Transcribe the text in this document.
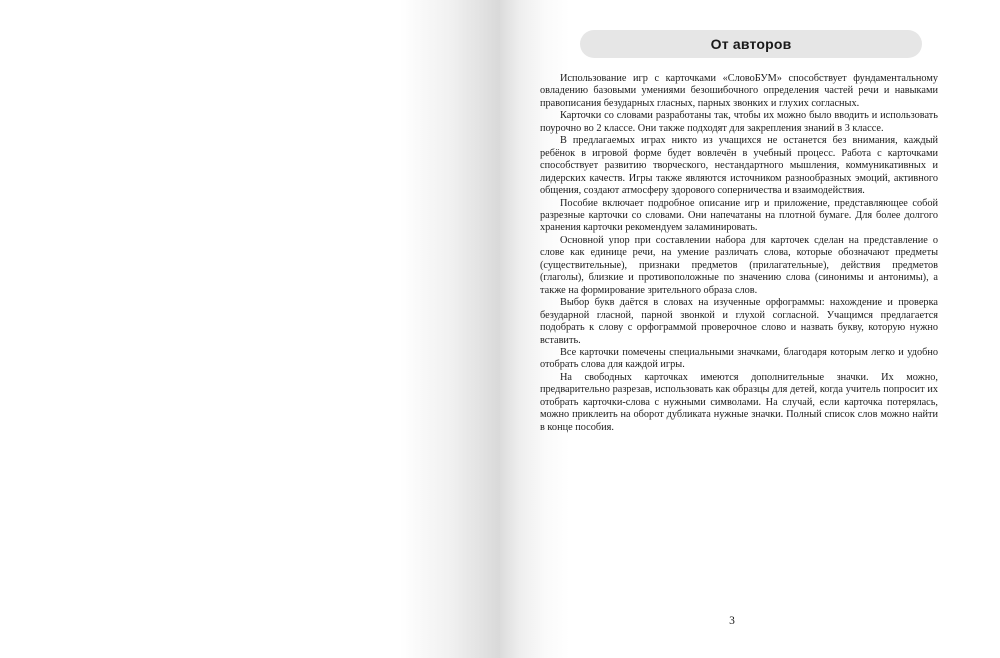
От авторов

Использование игр с карточками «СловоБУМ» способствует фундаментальному овладению базовыми умениями безошибочного определения частей речи и навыками правописания безударных гласных, парных звонких и глухих согласных.

Карточки со словами разработаны так, чтобы их можно было вводить и использовать поурочно во 2 классе. Они также подходят для закрепления знаний в 3 классе.

В предлагаемых играх никто из учащихся не останется без внимания, каждый ребёнок в игровой форме будет вовлечён в учебный процесс. Работа с карточками способствует развитию творческого, нестандартного мышления, коммуникативных и лидерских качеств. Игры также являются источником разнообразных эмоций, активного общения, создают атмосферу здорового соперничества и взаимодействия.

Пособие включает подробное описание игр и приложение, представляющее собой разрезные карточки со словами. Они напечатаны на плотной бумаге. Для более долгого хранения карточки рекомендуем заламинировать.

Основной упор при составлении набора для карточек сделан на представление о слове как единице речи, на умение различать слова, которые обозначают предметы (существительные), признаки предметов (прилагательные), действия предметов (глаголы), близкие и противоположные по значению слова (синонимы и антонимы), а также на формирование зрительного образа слов.

Выбор букв даётся в словах на изученные орфограммы: нахождение и проверка безударной гласной, парной звонкой и глухой согласной. Учащимся предлагается подобрать к слову с орфограммой проверочное слово и назвать букву, которую нужно вставить.

Все карточки помечены специальными значками, благодаря которым легко и удобно отобрать слова для каждой игры.

На свободных карточках имеются дополнительные значки. Их можно, предварительно разрезав, использовать как образцы для детей, когда учитель попросит их отобрать карточки-слова с нужными символами. На случай, если карточка потерялась, можно приклеить на оборот дубликата нужные значки. Полный список слов можно найти в конце пособия.

3
